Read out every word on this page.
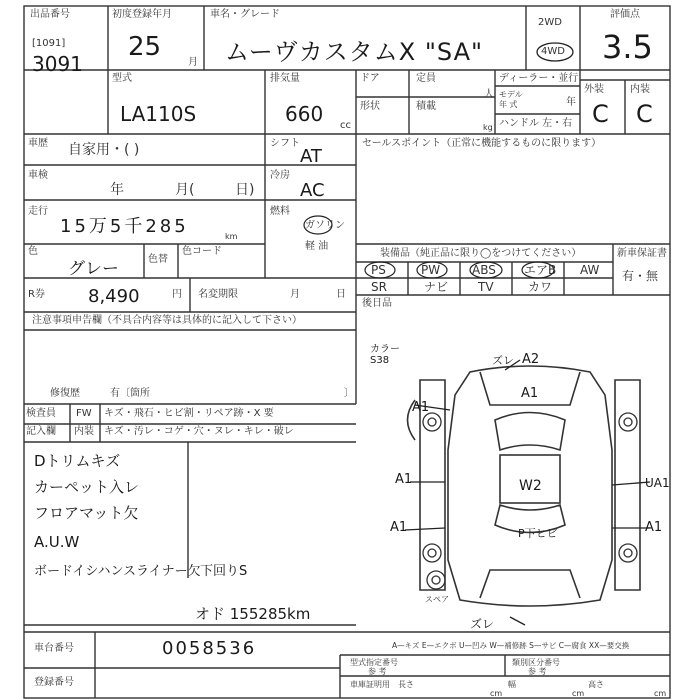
出品番号
[1091]
3091
初度登録年月
25
月
車名・グレード
ムーヴカスタムX "SA"
2WD
4WD
評価点
3.5
外装	内装
C C
型式
LA110S
排気量
660 cc
ドア	定員
人
形状	積載
kg
ディーラー・並行
モデル
年 式	年
ハンドル 左・右
車歴 自家用・( )	シフト
AT
車検
年	月(	日)
冷房
AC
走行
15万5千285	km
燃料
ガソリン
軽 油
色
グレー	色替
色コード
R券 8,490	円 名変期限	月	日
セールスポイント（正常に機能するものに限ります）
装備品（純正品に限り◯をつけてください）	新車保証書
有・無
PS	PW	ABS エアB AW
SR	ナビ TV	カワ
後日品
注意事項申告欄（不具合内容等は具体的に記入して下さい）
修復歴	有〔箇所	〕
検査員
記入欄
FW キズ・飛石・ヒビ割・リペア跡・X 要
内装 キズ・汚レ・コゲ・穴・ヌレ・キレ・破レ
Dトリムキズ
カーペット入レ
フロアマット欠
A.U.W
ボードイシハンスライナー欠 下回りS
オド 155285km
カラー S38	ズレ A2
A1
A1
A1
A1
UA1
A1
W2
P下ヒビ
ズレ
スペア
A—キズ E—エクボ U—凹み W—補修跡 S—サビ C—腐食 XX—要交換
車台番号	0058536
登録番号
型式指定番号
参 考
類別区分番号
参 考
車庫証明用 長さ
cm
幅
cm
高さ
cm
